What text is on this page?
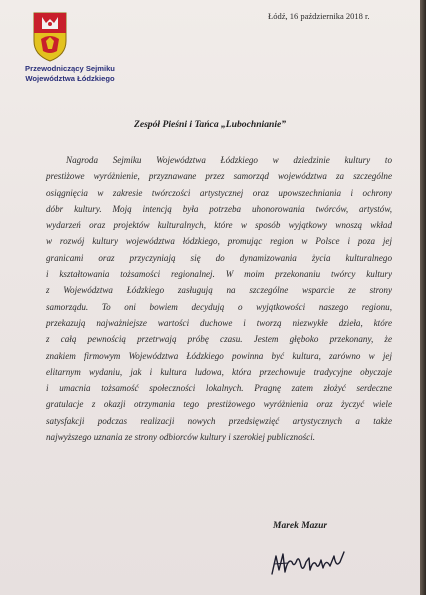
Przewodniczący Sejmiku
Województwa Łódzkiego
Łódź, 16 października 2018 r.
Zespół Pieśni i Tańca „Lubochnianie”
Nagroda Sejmiku Województwa Łódzkiego w dziedzinie kultury to
prestiżowe wyróżnienie, przyznawane przez samorząd województwa za szczególne
osiągnięcia w zakresie twórczości artystycznej oraz upowszechniania i ochrony
dóbr kultury. Moją intencją była potrzeba uhonorowania twórców, artystów,
wydarzeń oraz projektów kulturalnych, które w sposób wyjątkowy wnoszą wkład
w rozwój kultury województwa łódzkiego, promując region w Polsce i poza jej
granicami oraz przyczyniają się do dynamizowania życia kulturalnego
i kształtowania tożsamości regionalnej. W moim przekonaniu twórcy kultury
z Województwa Łódzkiego zasługują na szczególne wsparcie ze strony
samorządu. To oni bowiem decydują o wyjątkowości naszego regionu,
przekazują najważniejsze wartości duchowe i tworzą niezwykłe dzieła, które
z całą pewnością przetrwają próbę czasu. Jestem głęboko przekonany, że
znakiem firmowym Województwa Łódzkiego powinna być kultura, zarówno w jej
elitarnym wydaniu, jak i kultura ludowa, która przechowuje tradycyjne obyczaje
i umacnia tożsamość społeczności lokalnych. Pragnę zatem złożyć serdeczne
gratulacje z okazji otrzymania tego prestiżowego wyróżnienia oraz życzyć wiele
satysfakcji podczas realizacji nowych przedsięwzięć artystycznych a także
najwyższego uznania ze strony odbiorców kultury i szerokiej publiczności.
Marek Mazur
